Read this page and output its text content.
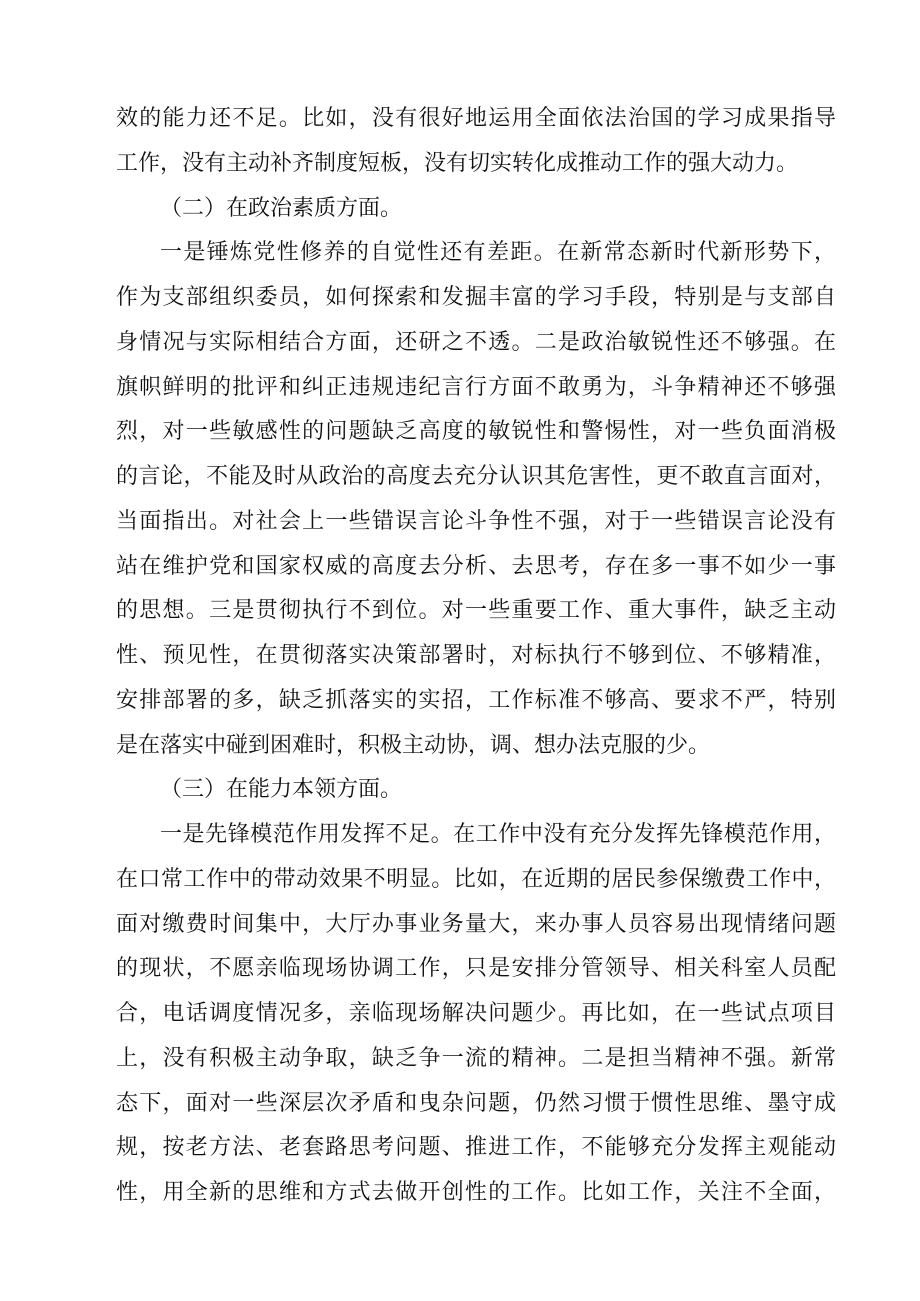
效的能力还不足。比如，没有很好地运用全面依法治国的学习成果指导
工作，没有主动补齐制度短板，没有切实转化成推动工作的强大动力。
（二）在政治素质方面。
一是锤炼党性修养的自觉性还有差距。在新常态新时代新形势下，
作为支部组织委员，如何探索和发掘丰富的学习手段，特别是与支部自
身情况与实际相结合方面，还研之不透。二是政治敏锐性还不够强。在
旗帜鲜明的批评和纠正违规违纪言行方面不敢勇为，斗争精神还不够强
烈，对一些敏感性的问题缺乏高度的敏锐性和警惕性，对一些负面消极
的言论，不能及时从政治的高度去充分认识其危害性，更不敢直言面对，
当面指出。对社会上一些错误言论斗争性不强，对于一些错误言论没有
站在维护党和国家权威的高度去分析、去思考，存在多一事不如少一事
的思想。三是贯彻执行不到位。对一些重要工作、重大事件，缺乏主动
性、预见性，在贯彻落实决策部署时，对标执行不够到位、不够精准，
安排部署的多，缺乏抓落实的实招，工作标准不够高、要求不严，特别
是在落实中碰到困难时，积极主动协，调、想办法克服的少。
（三）在能力本领方面。
一是先锋模范作用发挥不足。在工作中没有充分发挥先锋模范作用，
在口常工作中的带动效果不明显。比如，在近期的居民参保缴费工作中，
面对缴费时间集中，大厅办事业务量大，来办事人员容易出现情绪问题
的现状，不愿亲临现场协调工作，只是安排分管领导、相关科室人员配
合，电话调度情况多，亲临现场解决问题少。再比如，在一些试点项目
上，没有积极主动争取，缺乏争一流的精神。二是担当精神不强。新常
态下，面对一些深层次矛盾和曳杂问题，仍然习惯于惯性思维、墨守成
规，按老方法、老套路思考问题、推进工作，不能够充分发挥主观能动
性，用全新的思维和方式去做开创性的工作。比如工作，关注不全面，
